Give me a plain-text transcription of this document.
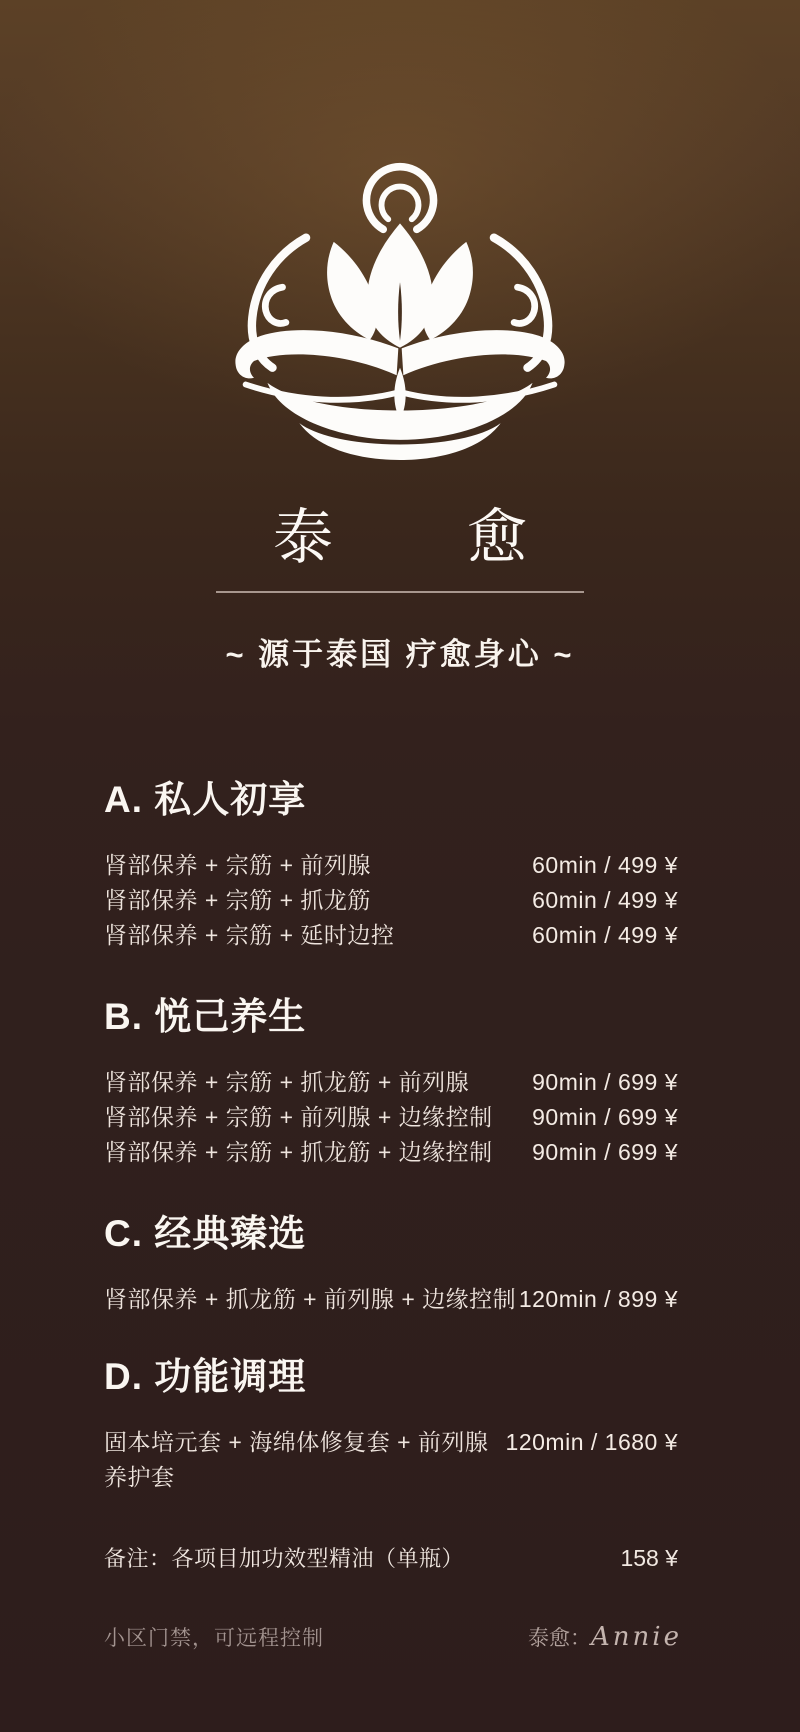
泰 愈
~ 源于泰国 疗愈身心 ~
A. 私人初享
肾部保养 + 宗筋 + 前列腺	60min / 499 ¥
肾部保养 + 宗筋 + 抓龙筋	60min / 499 ¥
肾部保养 + 宗筋 + 延时边控	60min / 499 ¥
B. 悦己养生
肾部保养 + 宗筋 + 抓龙筋 + 前列腺	90min / 699 ¥
肾部保养 + 宗筋 + 前列腺 + 边缘控制 90min / 699 ¥
肾部保养 + 宗筋 + 抓龙筋 + 边缘控制 90min / 699 ¥
C. 经典臻选
肾部保养 + 抓龙筋 + 前列腺 + 边缘控制 120min / 899 ¥
D. 功能调理
固本培元套 + 海绵体修复套 + 前列腺养护套
120min / 1680 ¥
备注：各项目加功效型精油（单瓶）	158 ¥
小区门禁，可远程控制	泰愈：Annie
